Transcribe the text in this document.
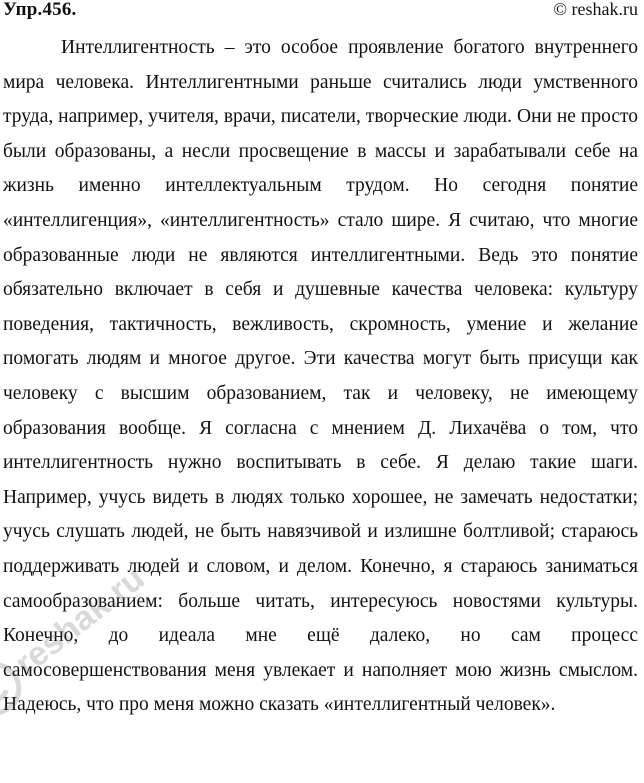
Упр.456.	© reshak.ru

Интеллигентность – это особое проявление богатого внутреннего мира человека. Интеллигентными раньше считались люди умственного труда, например, учителя, врачи, писатели, творческие люди. Они не просто были образованы, а несли просвещение в массы и зарабатывали себе на жизнь именно интеллектуальным трудом. Но сегодня понятие «интеллигенция», «интеллигентность» стало шире. Я считаю, что многие образованные люди не являются интеллигентными. Ведь это понятие обязательно включает в себя и душевные качества человека: культуру поведения, тактичность, вежливость, скромность, умение и желание помогать людям и многое другое. Эти качества могут быть присущи как человеку с высшим образованием, так и человеку, не имеющему образования вообще. Я согласна с мнением Д. Лихачёва о том, что интеллигентность нужно воспитывать в себе. Я делаю такие шаги. Например, учусь видеть в людях только хорошее, не замечать недостатки; учусь слушать людей, не быть навязчивой и излишне болтливой; стараюсь поддерживать людей и словом, и делом. Конечно, я стараюсь заниматься самообразованием: больше читать, интересуюсь новостями культуры. Конечно, до идеала мне ещё далеко, но сам процесс самосовершенствования меня увлекает и наполняет мою жизнь смыслом. Надеюсь, что про меня можно сказать «интеллигентный человек».

reshak.ru
